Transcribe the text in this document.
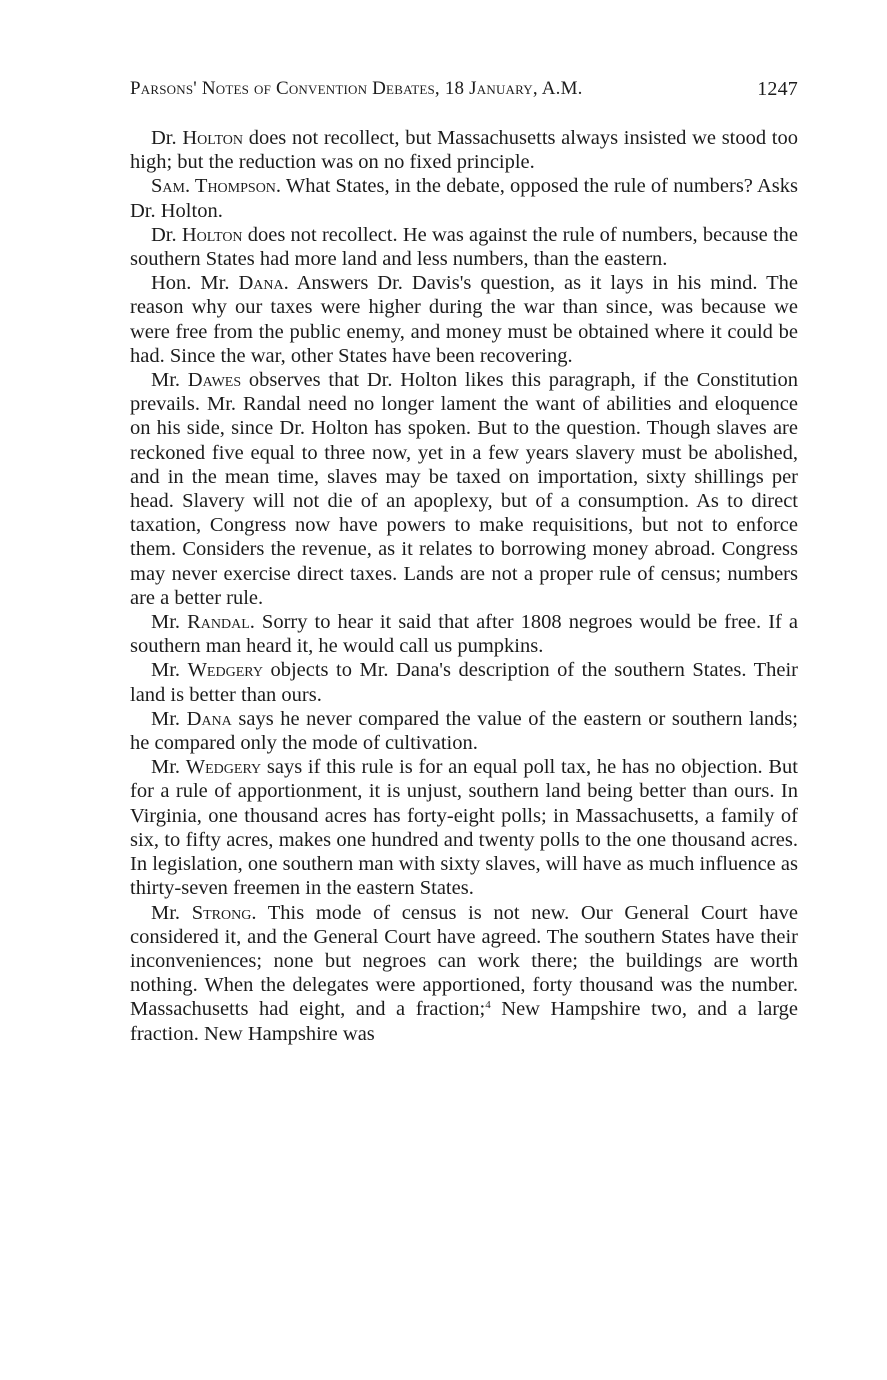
Parsons' Notes of Convention Debates, 18 January, A.M.	1247

Dr. Holton does not recollect, but Massachusetts always insisted we stood too high; but the reduction was on no fixed principle.

Sam. Thompson. What States, in the debate, opposed the rule of numbers? Asks Dr. Holton.

Dr. Holton does not recollect. He was against the rule of numbers, because the southern States had more land and less numbers, than the eastern.

Hon. Mr. Dana. Answers Dr. Davis's question, as it lays in his mind. The reason why our taxes were higher during the war than since, was because we were free from the public enemy, and money must be obtained where it could be had. Since the war, other States have been recovering.

Mr. Dawes observes that Dr. Holton likes this paragraph, if the Constitution prevails. Mr. Randal need no longer lament the want of abilities and eloquence on his side, since Dr. Holton has spoken. But to the question. Though slaves are reckoned five equal to three now, yet in a few years slavery must be abolished, and in the mean time, slaves may be taxed on importation, sixty shillings per head. Slavery will not die of an apoplexy, but of a consumption. As to direct taxation, Congress now have powers to make requisitions, but not to enforce them. Considers the revenue, as it relates to borrowing money abroad. Congress may never exercise direct taxes. Lands are not a proper rule of census; numbers are a better rule.

Mr. Randal. Sorry to hear it said that after 1808 negroes would be free. If a southern man heard it, he would call us pumpkins.

Mr. Wedgery objects to Mr. Dana's description of the southern States. Their land is better than ours.

Mr. Dana says he never compared the value of the eastern or southern lands; he compared only the mode of cultivation.

Mr. Wedgery says if this rule is for an equal poll tax, he has no objection. But for a rule of apportionment, it is unjust, southern land being better than ours. In Virginia, one thousand acres has forty-eight polls; in Massachusetts, a family of six, to fifty acres, makes one hundred and twenty polls to the one thousand acres. In legislation, one southern man with sixty slaves, will have as much influence as thirty-seven freemen in the eastern States.

Mr. Strong. This mode of census is not new. Our General Court have considered it, and the General Court have agreed. The southern States have their inconveniences; none but negroes can work there; the buildings are worth nothing. When the delegates were apportioned, forty thousand was the number. Massachusetts had eight, and a fraction;$^4$ New Hampshire two, and a large fraction. New Hampshire was
